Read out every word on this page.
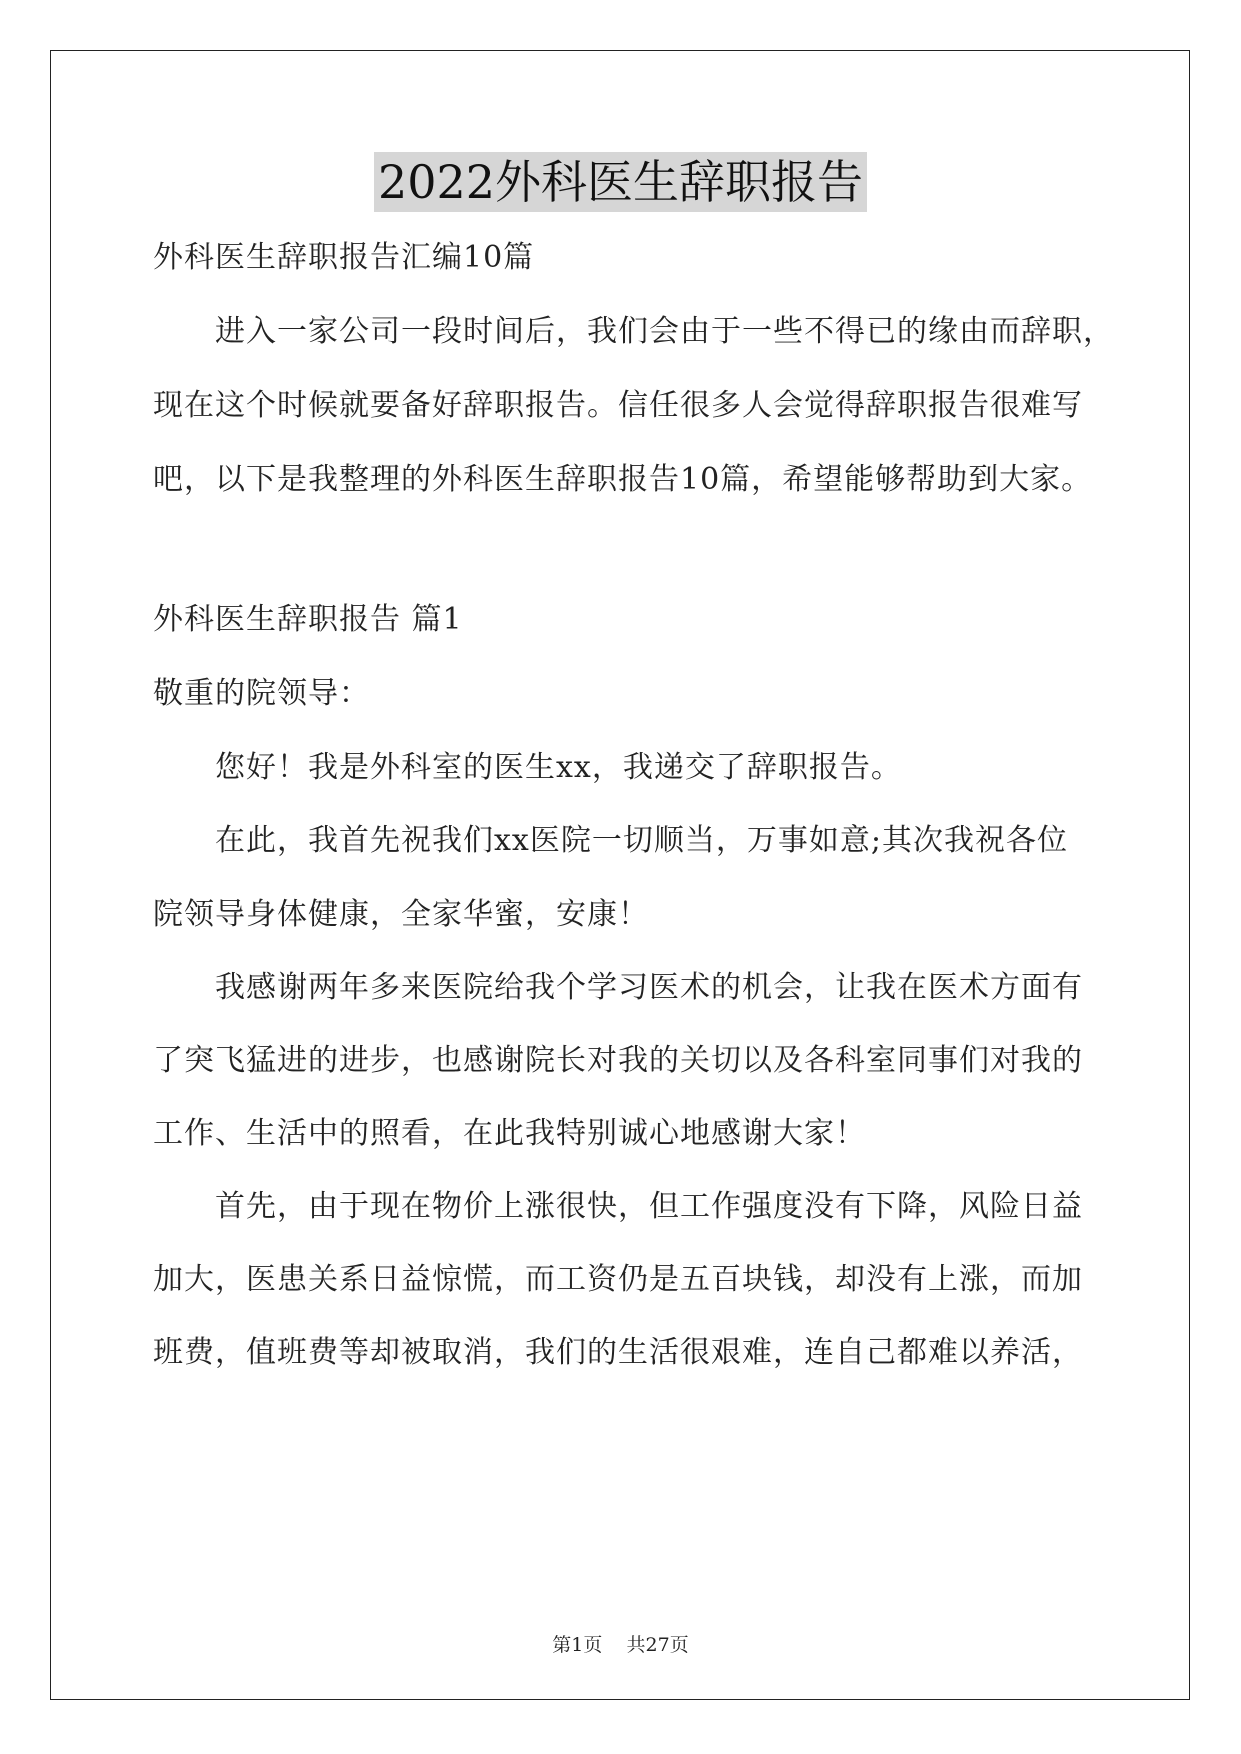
2022外科医生辞职报告
外科医生辞职报告汇编10篇
进入一家公司一段时间后，我们会由于一些不得已的缘由而辞职，
现在这个时候就要备好辞职报告。信任很多人会觉得辞职报告很难写
吧，以下是我整理的外科医生辞职报告10篇，希望能够帮助到大家。
外科医生辞职报告 篇1
敬重的院领导：
您好！我是外科室的医生xx，我递交了辞职报告。
在此，我首先祝我们xx医院一切顺当，万事如意;其次我祝各位
院领导身体健康，全家华蜜，安康！
我感谢两年多来医院给我个学习医术的机会，让我在医术方面有
了突飞猛进的进步，也感谢院长对我的关切以及各科室同事们对我的
工作、生活中的照看，在此我特别诚心地感谢大家！
首先，由于现在物价上涨很快，但工作强度没有下降，风险日益
加大，医患关系日益惊慌，而工资仍是五百块钱，却没有上涨，而加
班费，值班费等却被取消，我们的生活很艰难，连自己都难以养活，
第1页    共27页
